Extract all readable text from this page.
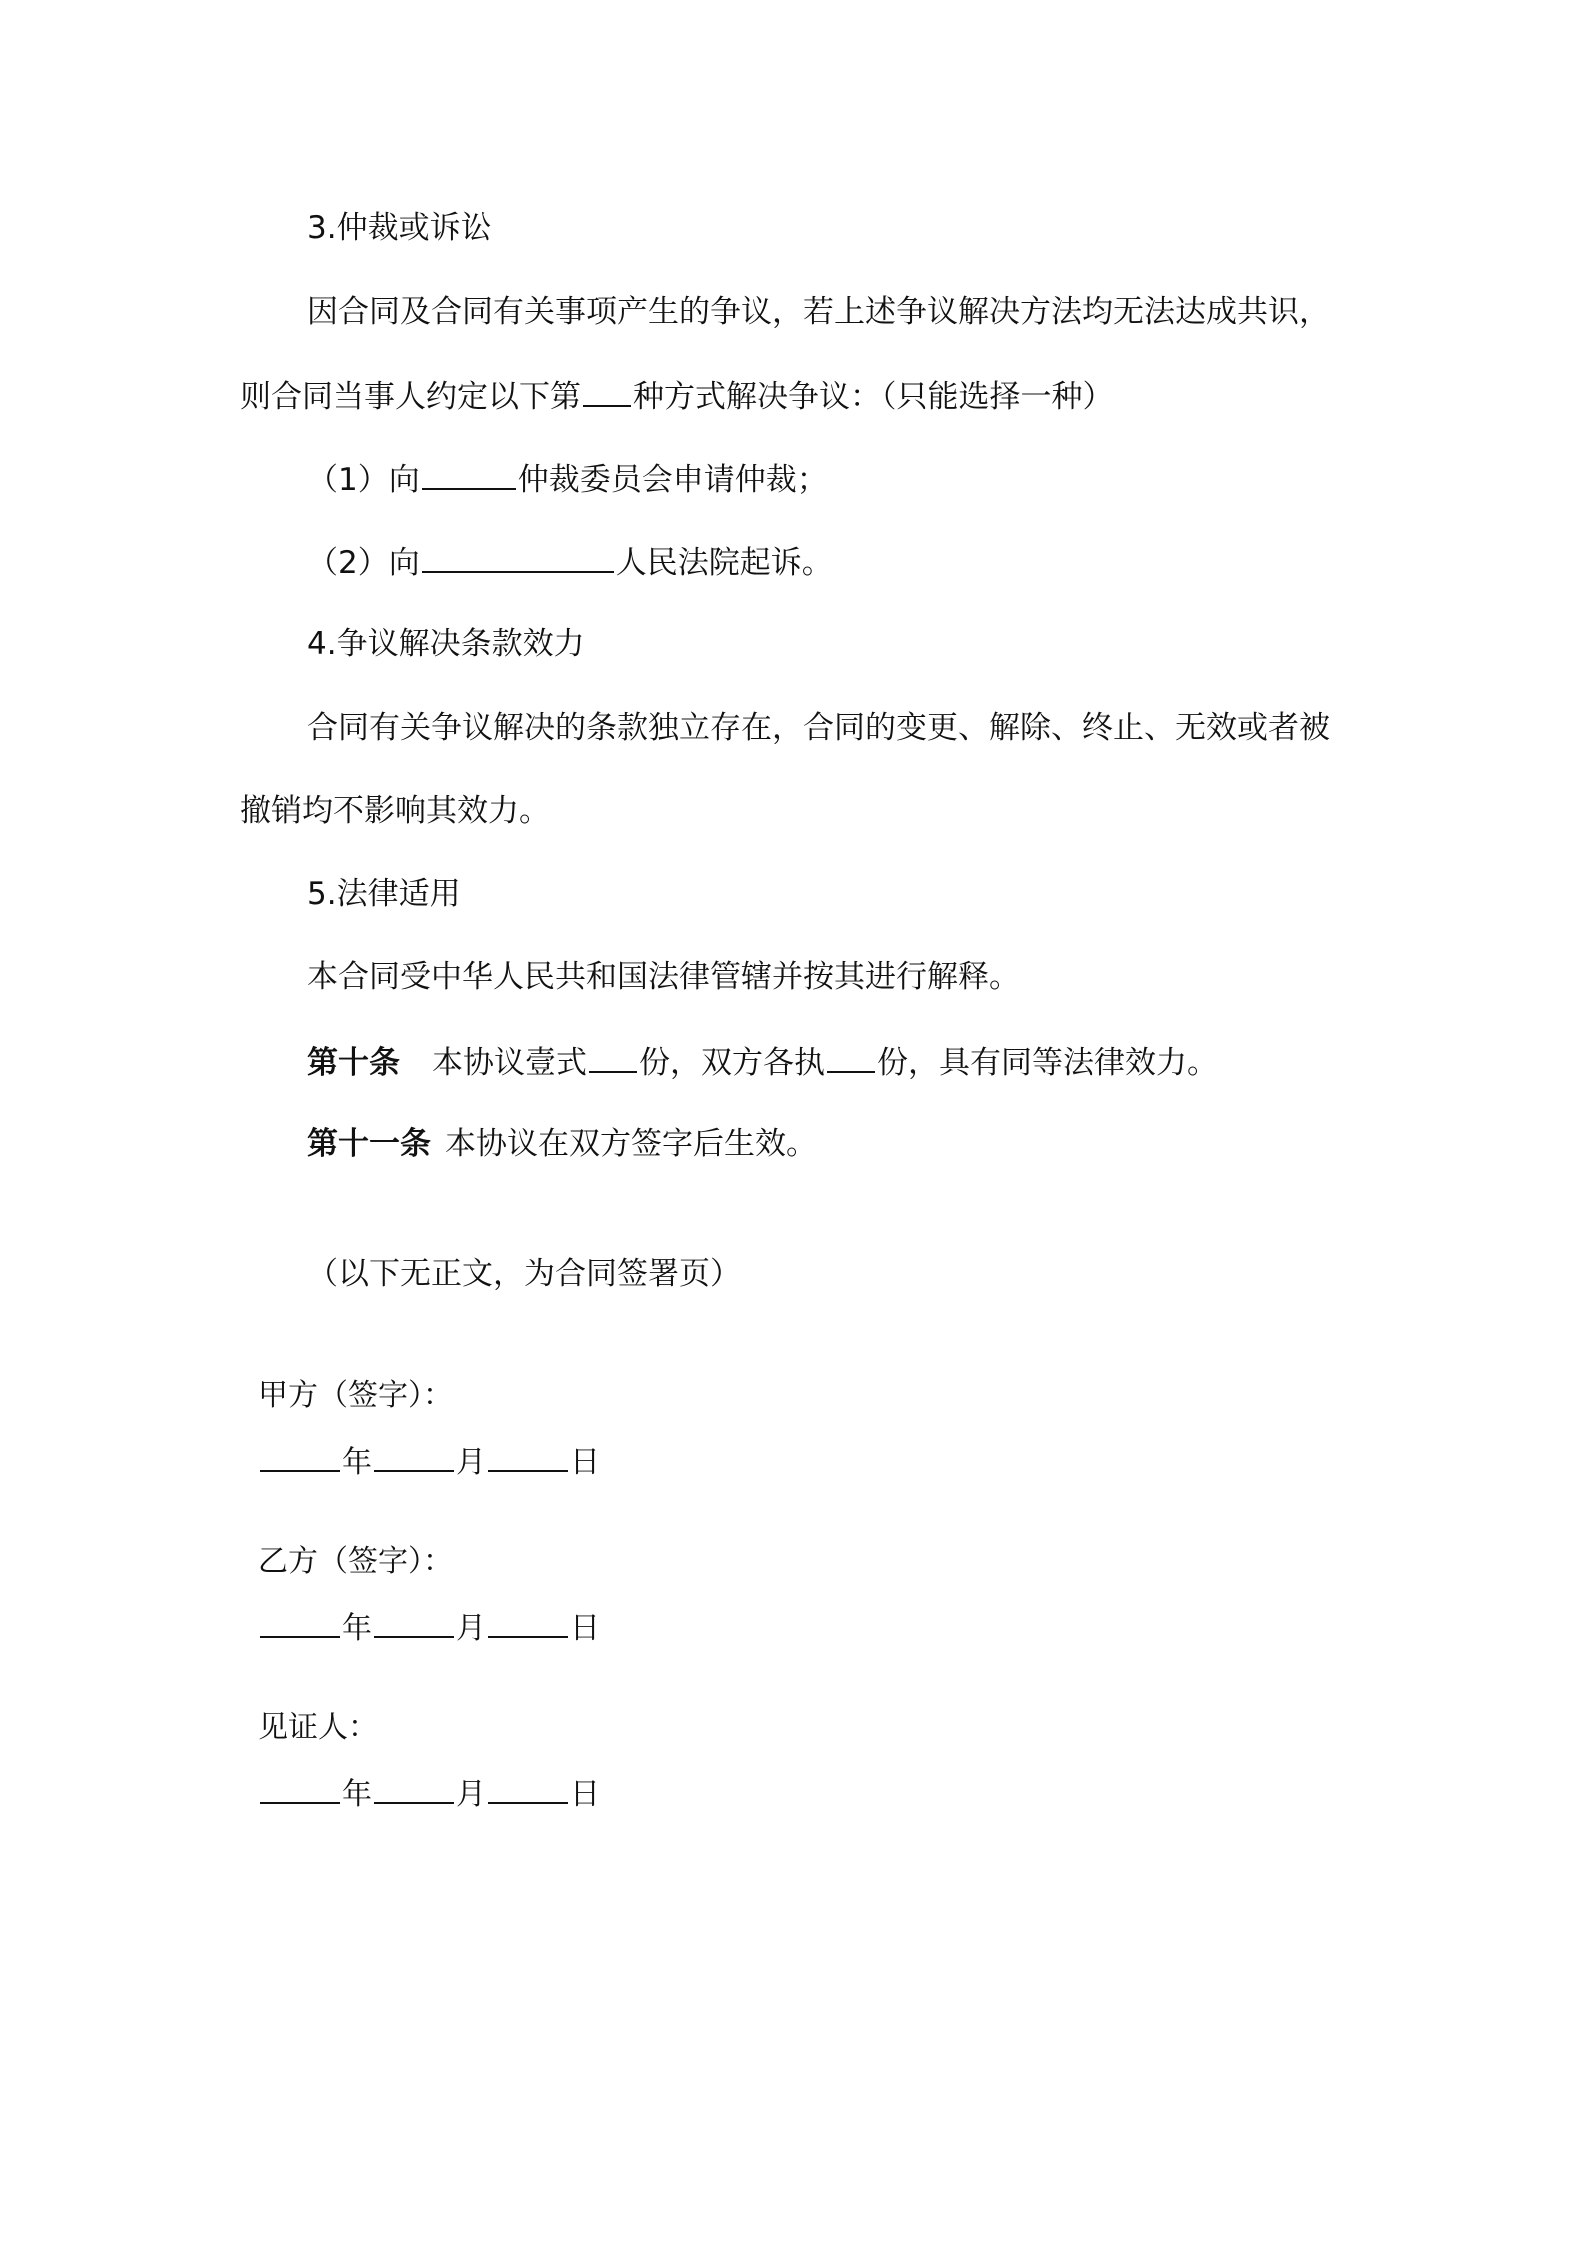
3.仲裁或诉讼
因合同及合同有关事项产生的争议，若上述争议解决方法均无法达成共识，
则合同当事人约定以下第 种方式解决争议：（只能选择一种）
（1）向	仲裁委员会申请仲裁；
（2）向	人民法院起诉。
4.争议解决条款效力
合同有关争议解决的条款独立存在，合同的变更、解除、终止、无效或者被
撤销均不影响其效力。
5.法律适用
本合同受中华人民共和国法律管辖并按其进行解释。
第十条 本协议壹式 份，双方各执 份，具有同等法律效力。
第十一条 本协议在双方签字后生效。
（以下无正文，为合同签署页）
甲方（签字）：
年	月	日
乙方（签字）：
年	月	日
见证人：
年	月	日
